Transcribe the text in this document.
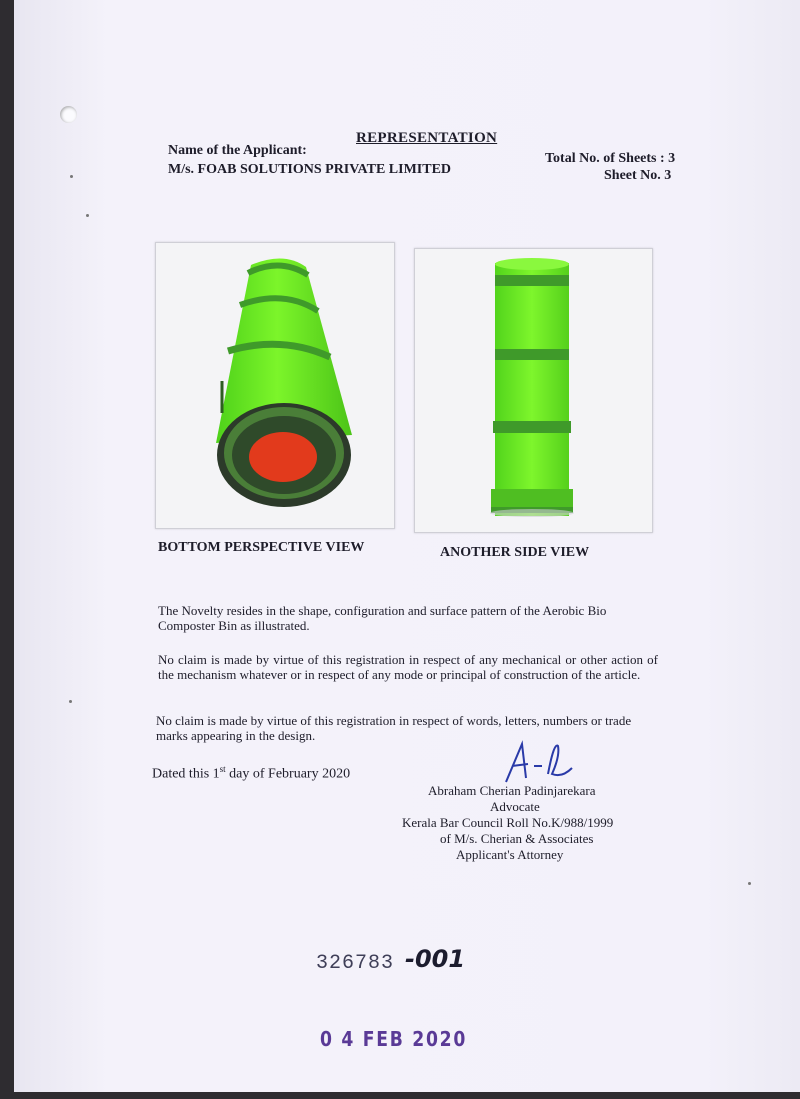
REPRESENTATION
Name of the Applicant:
M/s. FOAB SOLUTIONS PRIVATE LIMITED
Total No. of Sheets : 3
Sheet No. 3
BOTTOM PERSPECTIVE VIEW	ANOTHER SIDE VIEW
The Novelty resides in the shape, configuration and surface pattern of the Aerobic Bio Composter Bin as illustrated.
No claim is made by virtue of this registration in respect of any mechanical or other action of the mechanism whatever or in respect of any mode or principal of construction of the article.
No claim is made by virtue of this registration in respect of words, letters, numbers or trade marks appearing in the design.
Dated this 1st day of February 2020
Abraham Cherian Padinjarekara
Advocate
Kerala Bar Council Roll No.K/988/1999
of M/s. Cherian & Associates
Applicant's Attorney
326783 -001
0 4 FEB 2020
